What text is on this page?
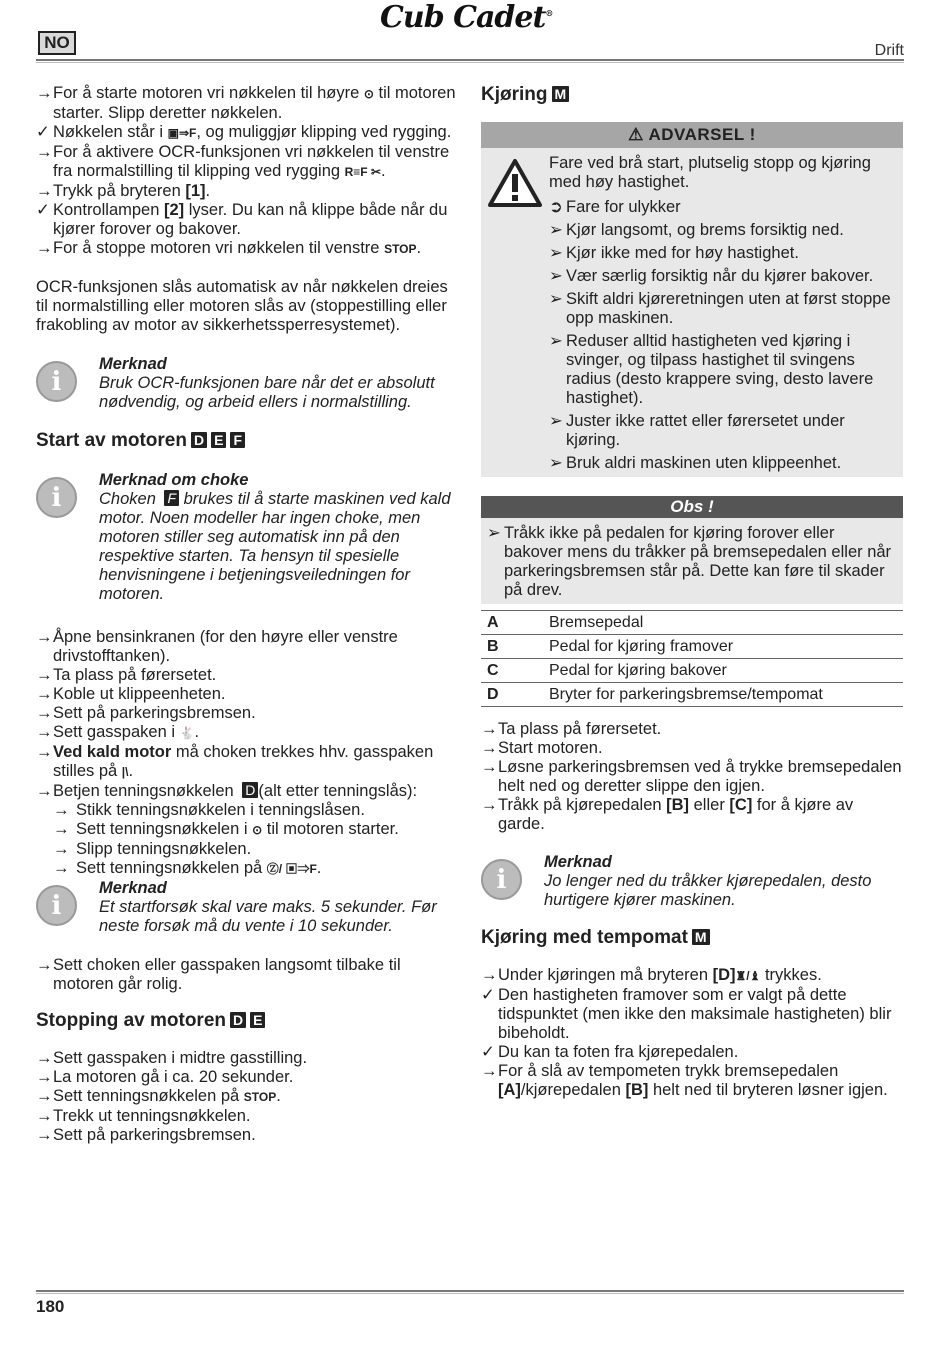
Cub Cadet®
NO	Drift
→ For å starte motoren vri nøkkelen til høyre ⊙ til motoren starter. Slipp deretter nøkkelen.
✓ Nøkkelen står i ▣⇒F, og muliggjør klipping ved rygging.
→ For å aktivere OCR-funksjonen vri nøkkelen til venstre fra normalstilling til klipping ved rygging R≡F ✂.
→ Trykk på bryteren [1].
✓ Kontrollampen [2] lyser. Du kan nå klippe både når du kjører forover og bakover.
→ For å stoppe motoren vri nøkkelen til venstre STOP.

OCR-funksjonen slås automatisk av når nøkkelen dreies til normalstilling eller motoren slås av (stoppestilling eller frakobling av motor av sikkerhetssperresystemet).

i
Merknad
Bruk OCR-funksjonen bare når det er absolutt nødvendig, og arbeid ellers i normalstilling.
Start av motoren D E F
i
Merknad om choke
Choken F brukes til å starte maskinen ved kald motor. Noen modeller har ingen choke, men motoren stiller seg automatisk inn på den respektive starten. Ta hensyn til spesielle henvisningene i betjeningsveiledningen for motoren.
→ Åpne bensinkranen (for den høyre eller venstre drivstofftanken).
→ Ta plass på førersetet.
→ Koble ut klippeenheten.
→ Sett på parkeringsbremsen.
→ Sett gasspaken i 🐇.
→ Ved kald motor må choken trekkes hhv. gasspaken stilles på |\.
→ Betjen tenningsnøkkelen D (alt etter tenningslås):
→ Stikk tenningsnøkkelen i tenningslåsen.
→ Sett tenningsnøkkelen i ⊙ til motoren starter.
→ Slipp tenningsnøkkelen.
→ Sett tenningsnøkkelen på Ⓩ/ ▣⇒F.
i
Merknad
Et startforsøk skal vare maks. 5 sekunder. Før neste forsøk må du vente i 10 sekunder.
→ Sett choken eller gasspaken langsomt tilbake til motoren går rolig.
Stopping av motoren D E
→ Sett gasspaken i midtre gasstilling.
→ La motoren gå i ca. 20 sekunder.
→ Sett tenningsnøkkelen på STOP.
→ Trekk ut tenningsnøkkelen.
→ Sett på parkeringsbremsen.
Kjøring M
⚠ ADVARSEL !
Fare ved brå start, plutselig stopp og kjøring med høy hastighet.
➲ Fare for ulykker
➢ Kjør langsomt, og brems forsiktig ned.
➢ Kjør ikke med for høy hastighet.
➢ Vær særlig forsiktig når du kjører bakover.
➢ Skift aldri kjøreretningen uten at først stoppe opp maskinen.
➢ Reduser alltid hastigheten ved kjøring i svinger, og tilpass hastighet til svingens radius (desto krappere sving, desto lavere hastighet).
➢ Juster ikke rattet eller førersetet under kjøring.
➢ Bruk aldri maskinen uten klippeenhet.
Obs !
➢ Tråkk ikke på pedalen for kjøring forover eller bakover mens du tråkker på bremsepedalen eller når parkeringsbremsen står på. Dette kan føre til skader på drev.
A	Bremsepedal
B	Pedal for kjøring framover
C	Pedal for kjøring bakover
D	Bryter for parkeringsbremse/tempomat
→ Ta plass på førersetet.
→ Start motoren.
→ Løsne parkeringsbremsen ved å trykke bremsepedalen helt ned og deretter slippe den igjen.
→ Tråkk på kjørepedalen [B] eller [C] for å kjøre av garde.
i
Merknad
Jo lenger ned du tråkker kjørepedalen, desto hurtigere kjører maskinen.
Kjøring med tempomat M
→ Under kjøringen må bryteren [D]♜/♝ trykkes.
✓ Den hastigheten framover som er valgt på dette tidspunktet (men ikke den maksimale hastigheten) blir bibeholdt.
✓ Du kan ta foten fra kjørepedalen.
→ For å slå av tempometen trykk bremsepedalen [A]/kjørepedalen [B] helt ned til bryteren løsner igjen.
180
